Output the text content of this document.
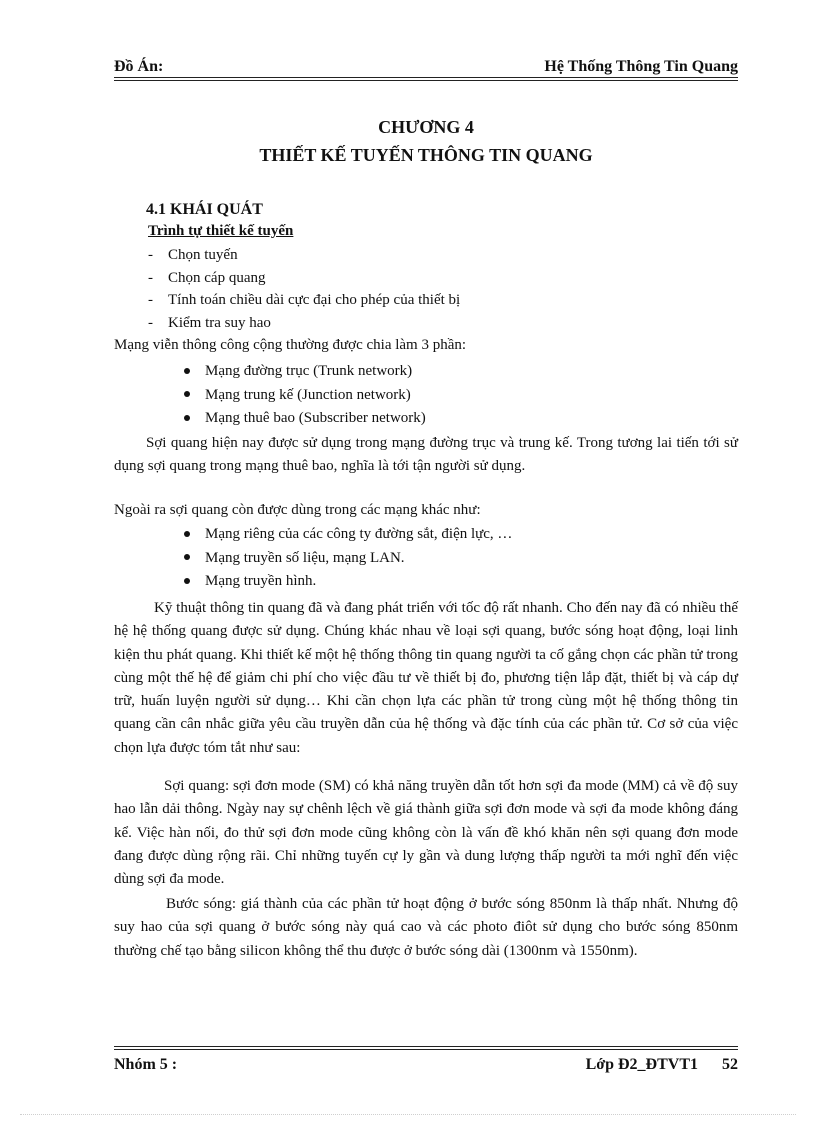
Đồ Án:	Hệ Thống Thông Tin Quang
CHƯƠNG 4
THIẾT KẾ TUYẾN THÔNG TIN QUANG
4.1 KHÁI QUÁT
Trình tự thiết kế tuyến
- Chọn tuyến
- Chọn cáp quang
- Tính toán chiều dài cực đại cho phép của thiết bị
- Kiểm tra suy hao
Mạng viễn thông công cộng thường được chia làm 3 phần:
Mạng đường trục (Trunk network)
Mạng trung kế (Junction network)
Mạng thuê bao (Subscriber network)

Sợi quang hiện nay được sử dụng trong mạng đường trục và trung kế. Trong tương lai tiến tới sử dụng sợi quang trong mạng thuê bao, nghĩa là tới tận người sử dụng.

Ngoài ra sợi quang còn được dùng trong các mạng khác như:
Mạng riêng của các công ty đường sắt, điện lực, …
Mạng truyền số liệu, mạng LAN.
Mạng truyền hình.

Kỹ thuật thông tin quang đã và đang phát triển với tốc độ rất nhanh. Cho đến nay đã có nhiều thế hệ hệ thống quang được sử dụng. Chúng khác nhau về loại sợi quang, bước sóng hoạt động, loại linh kiện thu phát quang. Khi thiết kế một hệ thống thông tin quang người ta cố gắng chọn các phần tử trong cùng một thế hệ để giảm chi phí cho việc đầu tư về thiết bị đo, phương tiện lắp đặt, thiết bị và cáp dự trữ, huấn luyện người sử dụng… Khi cần chọn lựa các phần tử trong cùng một hệ thống thông tin quang cần cân nhắc giữa yêu cầu truyền dẫn của hệ thống và đặc tính của các phần tử. Cơ sở của việc chọn lựa được tóm tắt như sau:

Sợi quang: sợi đơn mode (SM) có khả năng truyền dẫn tốt hơn sợi đa mode (MM) cả về độ suy hao lẫn dải thông. Ngày nay sự chênh lệch về giá thành giữa sợi đơn mode và sợi đa mode không đáng kể. Việc hàn nối, đo thử sợi đơn mode cũng không còn là vấn đề khó khăn nên sợi quang đơn mode đang được dùng rộng rãi. Chỉ những tuyến cự ly gần và dung lượng thấp người ta mới nghĩ đến việc dùng sợi đa mode.

Bước sóng: giá thành của các phần tử hoạt động ở bước sóng 850nm là thấp nhất. Nhưng độ suy hao của sợi quang ở bước sóng này quá cao và các photo điôt sử dụng cho bước sóng 850nm thường chế tạo bằng silicon không thể thu được ở bước sóng dài (1300nm và 1550nm).

Nhóm 5 :	Lớp Đ2_ĐTVT1 52
